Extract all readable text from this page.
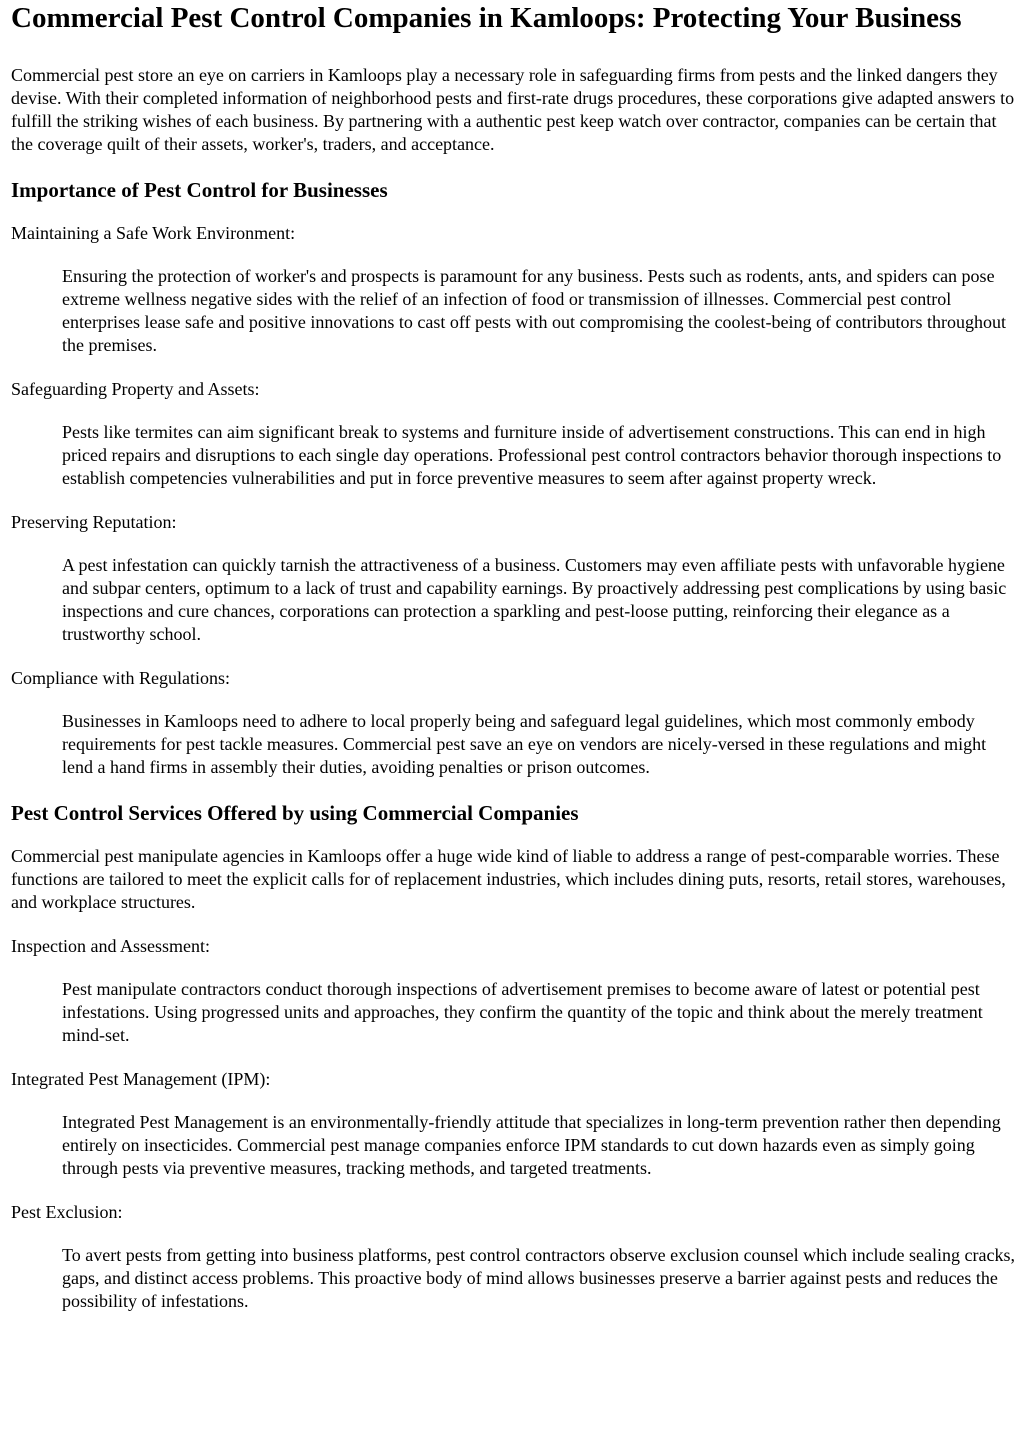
Commercial Pest Control Companies in Kamloops: Protecting Your Business

Commercial pest store an eye on carriers in Kamloops play a necessary role in safeguarding firms from pests and the linked dangers they devise. With their completed information of neighborhood pests and first-rate drugs procedures, these corporations give adapted answers to fulfill the striking wishes of each business. By partnering with a authentic pest keep watch over contractor, companies can be certain that the coverage quilt of their assets, worker's, traders, and acceptance.

Importance of Pest Control for Businesses

Maintaining a Safe Work Environment:

Ensuring the protection of worker's and prospects is paramount for any business. Pests such as rodents, ants, and spiders can pose extreme wellness negative sides with the relief of an infection of food or transmission of illnesses. Commercial pest control enterprises lease safe and positive innovations to cast off pests with out compromising the coolest-being of contributors throughout the premises.

Safeguarding Property and Assets:

Pests like termites can aim significant break to systems and furniture inside of advertisement constructions. This can end in high priced repairs and disruptions to each single day operations. Professional pest control contractors behavior thorough inspections to establish competencies vulnerabilities and put in force preventive measures to seem after against property wreck.

Preserving Reputation:

A pest infestation can quickly tarnish the attractiveness of a business. Customers may even affiliate pests with unfavorable hygiene and subpar centers, optimum to a lack of trust and capability earnings. By proactively addressing pest complications by using basic inspections and cure chances, corporations can protection a sparkling and pest-loose putting, reinforcing their elegance as a trustworthy school.

Compliance with Regulations:

Businesses in Kamloops need to adhere to local properly being and safeguard legal guidelines, which most commonly embody requirements for pest tackle measures. Commercial pest save an eye on vendors are nicely-versed in these regulations and might lend a hand firms in assembly their duties, avoiding penalties or prison outcomes.

Pest Control Services Offered by using Commercial Companies

Commercial pest manipulate agencies in Kamloops offer a huge wide kind of liable to address a range of pest-comparable worries. These functions are tailored to meet the explicit calls for of replacement industries, which includes dining puts, resorts, retail stores, warehouses, and workplace structures.

Inspection and Assessment:

Pest manipulate contractors conduct thorough inspections of advertisement premises to become aware of latest or potential pest infestations. Using progressed units and approaches, they confirm the quantity of the topic and think about the merely treatment mind-set.

Integrated Pest Management (IPM):

Integrated Pest Management is an environmentally-friendly attitude that specializes in long-term prevention rather then depending entirely on insecticides. Commercial pest manage companies enforce IPM standards to cut down hazards even as simply going through pests via preventive measures, tracking methods, and targeted treatments.

Pest Exclusion:

To avert pests from getting into business platforms, pest control contractors observe exclusion counsel which include sealing cracks, gaps, and distinct access problems. This proactive body of mind allows businesses preserve a barrier against pests and reduces the possibility of infestations.
